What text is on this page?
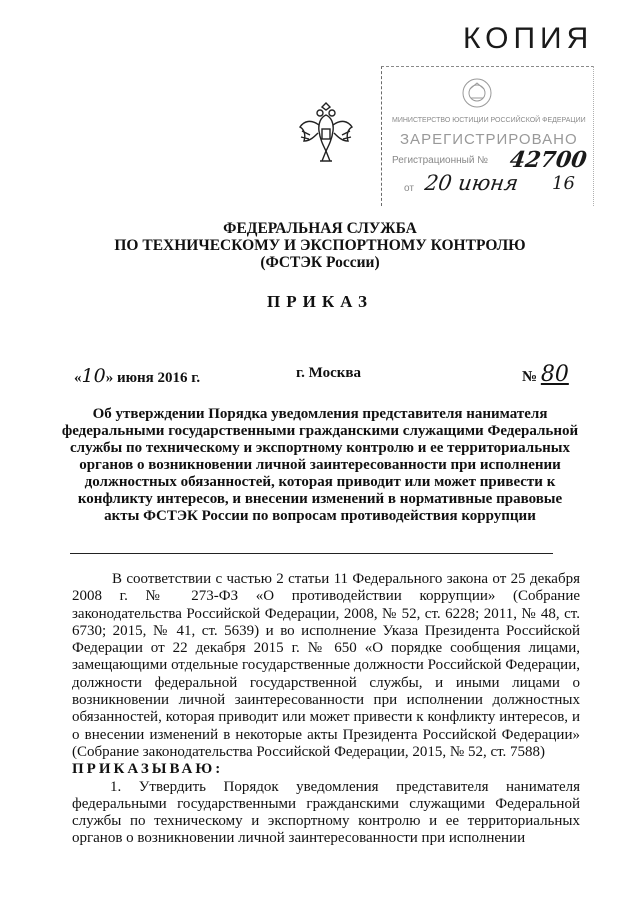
КОПИЯ
МИНИСТЕРСТВО ЮСТИЦИИ РОССИЙСКОЙ ФЕДЕРАЦИИ
ЗАРЕГИСТРИРОВАНО
Регистрационный № 42700
от 20 июня 16
ФЕДЕРАЛЬНАЯ СЛУЖБА
ПО ТЕХНИЧЕСКОМУ И ЭКСПОРТНОМУ КОНТРОЛЮ
(ФСТЭК России)
ПРИКАЗ
«10» июня 2016 г.	г. Москва	№ 80
Об утверждении Порядка уведомления представителя нанимателя федеральными государственными гражданскими служащими Федеральной службы по техническому и экспортному контролю и ее территориальных органов о возникновении личной заинтересованности при исполнении должностных обязанностей, которая приводит или может привести к конфликту интересов, и внесении изменений в нормативные правовые акты ФСТЭК России по вопросам противодействия коррупции

В соответствии с частью 2 статьи 11 Федерального закона от 25 декабря 2008 г. № 273-ФЗ «О противодействии коррупции» (Собрание законодательства Российской Федерации, 2008, № 52, ст. 6228; 2011, № 48, ст. 6730; 2015, № 41, ст. 5639) и во исполнение Указа Президента Российской Федерации от 22 декабря 2015 г. № 650 «О порядке сообщения лицами, замещающими отдельные государственные должности Российской Федерации, должности федеральной государственной службы, и иными лицами о возникновении личной заинтересованности при исполнении должностных обязанностей, которая приводит или может привести к конфликту интересов, и о внесении изменений в некоторые акты Президента Российской Федерации» (Собрание законодательства Российской Федерации, 2015, № 52, ст. 7588)

ПРИКАЗЫВАЮ:

1. Утвердить Порядок уведомления представителя нанимателя федеральными государственными гражданскими служащими Федеральной службы по техническому и экспортному контролю и ее территориальных органов о возникновении личной заинтересованности при исполнении
